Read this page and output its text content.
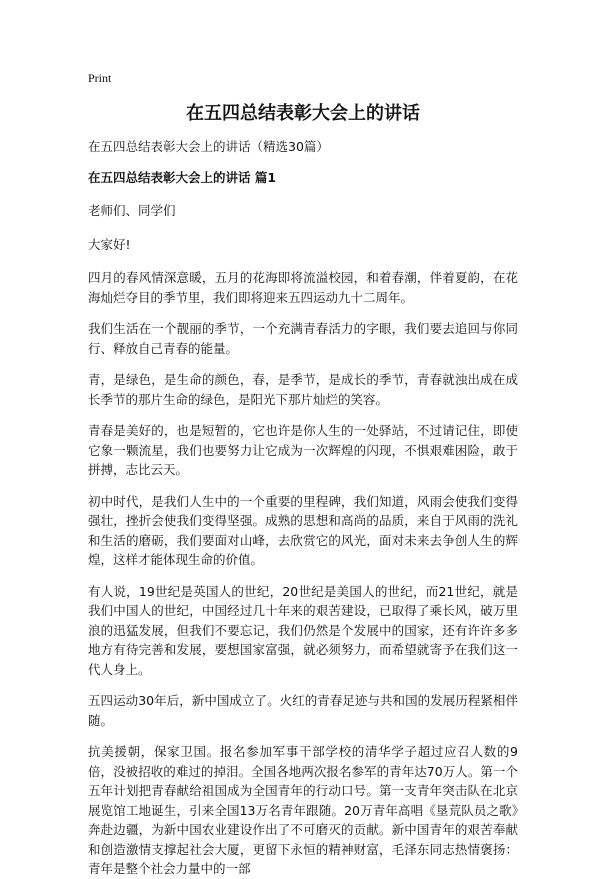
Print
在五四总结表彰大会上的讲话
在五四总结表彰大会上的讲话（精选30篇）
在五四总结表彰大会上的讲话 篇1

老师们、同学们

大家好!

四月的春风情深意暖，五月的花海即将流溢校园，和着春潮，伴着夏韵，在花海灿烂夺目的季节里，我们即将迎来五四运动九十二周年。

我们生活在一个靓丽的季节，一个充满青春活力的字眼，我们要去追回与你同行、释放自己青春的能量。

青，是绿色，是生命的颜色，春，是季节，是成长的季节，青春就浊出成在成长季节的那片生命的绿色，是阳光下那片灿烂的笑容。

青春是美好的，也是短暂的，它也许是你人生的一处驿站，不过请记住，即使它象一颗流星，我们也要努力让它成为一次辉煌的闪现，不惧艰难困险，敢于拼搏，志比云天。

初中时代，是我们人生中的一个重要的里程碑，我们知道，风雨会使我们变得强壮，挫折会使我们变得坚强。成熟的思想和高尚的品质，来自于风雨的洗礼和生活的磨砺，我们要面对山峰，去欣赏它的风光，面对未来去争创人生的辉煌，这样才能体现生命的价值。

有人说，19世纪是英国人的世纪，20世纪是美国人的世纪，而21世纪，就是我们中国人的世纪，中国经过几十年来的艰苦建设，已取得了乘长风，破万里浪的迅猛发展，但我们不要忘记，我们仍然是个发展中的国家，还有许许多多地方有待完善和发展，要想国家富强，就必须努力，而希望就寄予在我们这一代人身上。

五四运动30年后，新中国成立了。火红的青春足迹与共和国的发展历程紧相伴随。

抗美援朝，保家卫国。报名参加军事干部学校的清华学子超过应召人数的9倍，没被招收的难过的掉泪。全国各地两次报名参军的青年达70万人。第一个五年计划把青春献给祖国成为全国青年的行动口号。第一支青年突击队在北京展览馆工地诞生，引来全国13万名青年跟随。20万青年高唱《垦荒队员之歌》奔赴边疆，为新中国农业建设作出了不可磨灭的贡献。新中国青年的艰苦奉献和创造激情支撑起社会大厦，更留下永恒的精神财富，毛泽东同志热情褒扬：青年是整个社会力量中的一部
